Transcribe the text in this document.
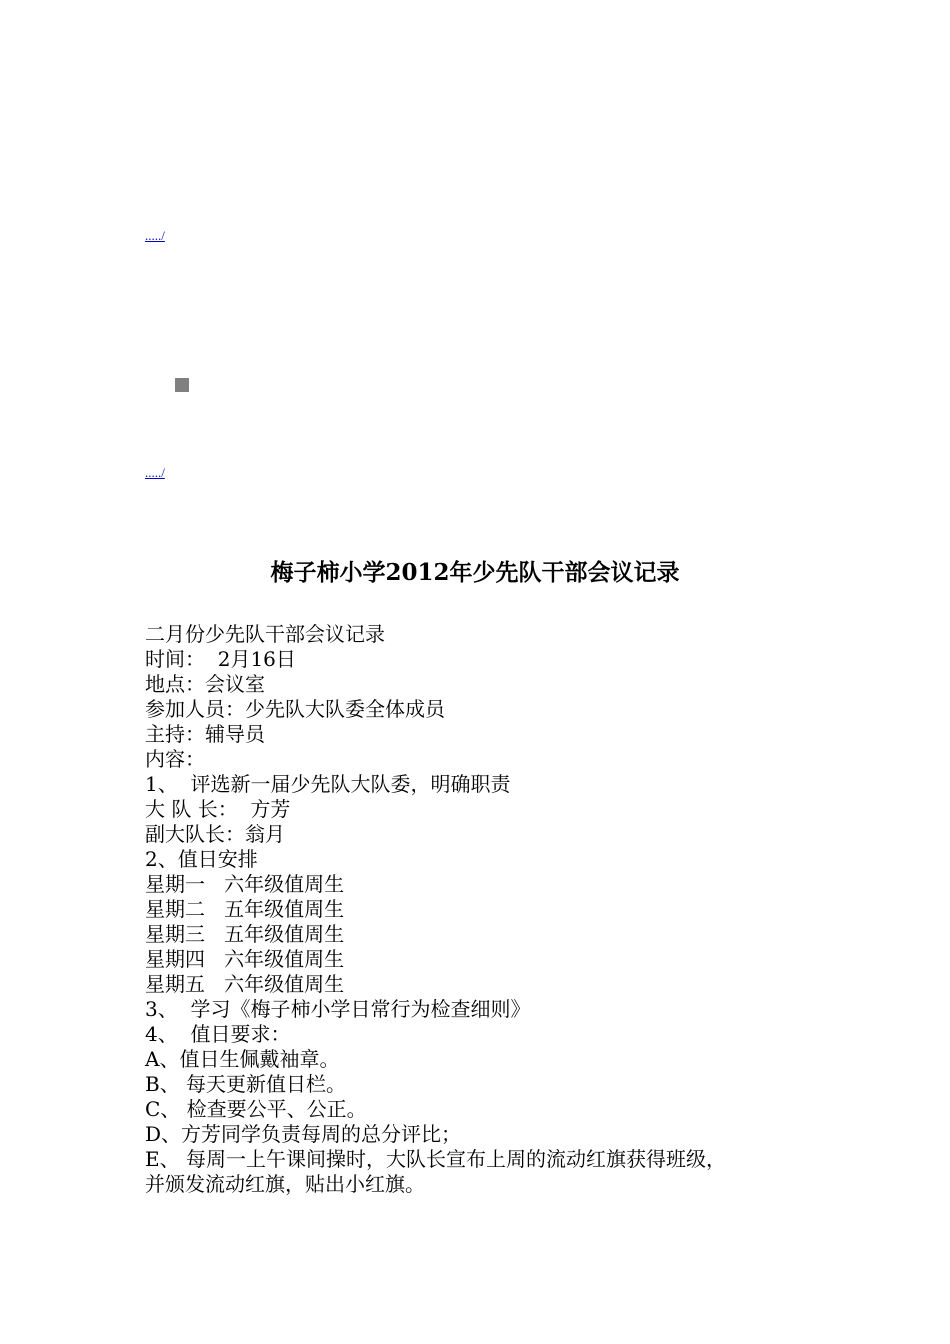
...../
...../
梅子柿小学2012年少先队干部会议记录
二月份少先队干部会议记录
时间：  2月16日
地点：会议室
参加人员：少先队大队委全体成员
主持：辅导员
内容：
1、  评选新一届少先队大队委，明确职责
大 队 长：  方芳
副大队长：翁月
2、值日安排
星期一   六年级值周生
星期二   五年级值周生
星期三   五年级值周生
星期四   六年级值周生
星期五   六年级值周生
3、  学习《梅子柿小学日常行为检查细则》
4、  值日要求：
A、值日生佩戴袖章。
B、 每天更新值日栏。
C、 检查要公平、公正。
D、方芳同学负责每周的总分评比；
E、 每周一上午课间操时，大队长宣布上周的流动红旗获得班级，
并颁发流动红旗，贴出小红旗。
